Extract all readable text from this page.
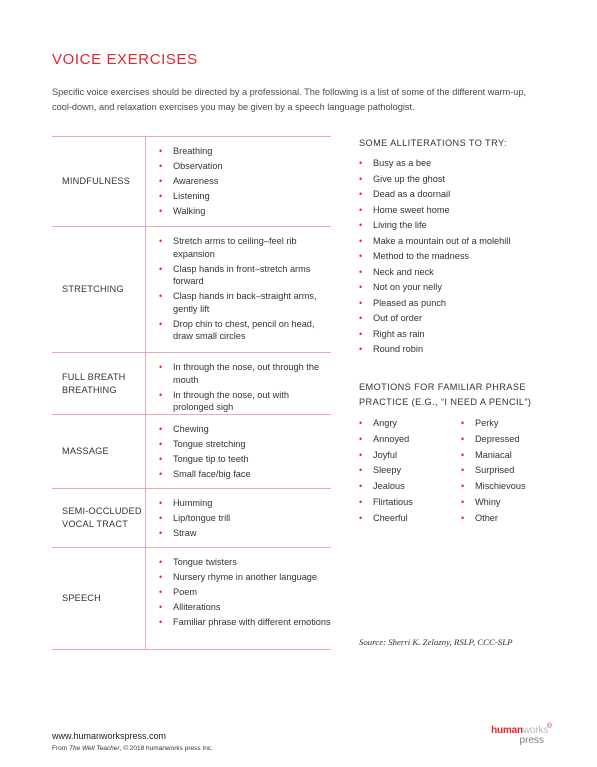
VOICE EXERCISES

Specific voice exercises should be directed by a professional. The following is a list of some of the different warm-up, cool-down, and relaxation exercises you may be given by a speech language pathologist.

MINDFULNESS
• Breathing
• Observation
• Awareness
• Listening
• Walking
STRETCHING
• Stretch arms to ceiling–feel rib expansion
• Clasp hands in front–stretch arms forward
• Clasp hands in back–straight arms, gently lift
• Drop chin to chest, pencil on head, draw small circles
FULL BREATH BREATHING
• In through the nose, out through the mouth
• In through the nose, out with prolonged sigh
MASSAGE
• Chewing
• Tongue stretching
• Tongue tip to teeth
• Small face/big face
SEMI-OCCLUDED VOCAL TRACT
• Humming
• Lip/tongue trill
• Straw
SPEECH
• Tongue twisters
• Nursery rhyme in another language
• Poem
• Alliterations
• Familiar phrase with different emotions
SOME ALLITERATIONS TO TRY:
• Busy as a bee
• Give up the ghost
• Dead as a doornail
• Home sweet home
• Living the life
• Make a mountain out of a molehill
• Method to the madness
• Neck and neck
• Not on your nelly
• Pleased as punch
• Out of order
• Right as rain
• Round robin
EMOTIONS FOR FAMILIAR PHRASE PRACTICE (E.G., “I NEED A PENCIL”)
• Angry
• Annoyed
• Joyful
• Sleepy
• Jealous
• Flirtatious
• Cheerful
• Perky
• Depressed
• Maniacal
• Surprised
• Mischievous
• Whiny
• Other
Source: Sherri K. Zelazny, RSLP, CCC-SLP
www.humanworkspress.com
From The Well Teacher, © 2018 humanworks press Inc.
®
humanworks
press
